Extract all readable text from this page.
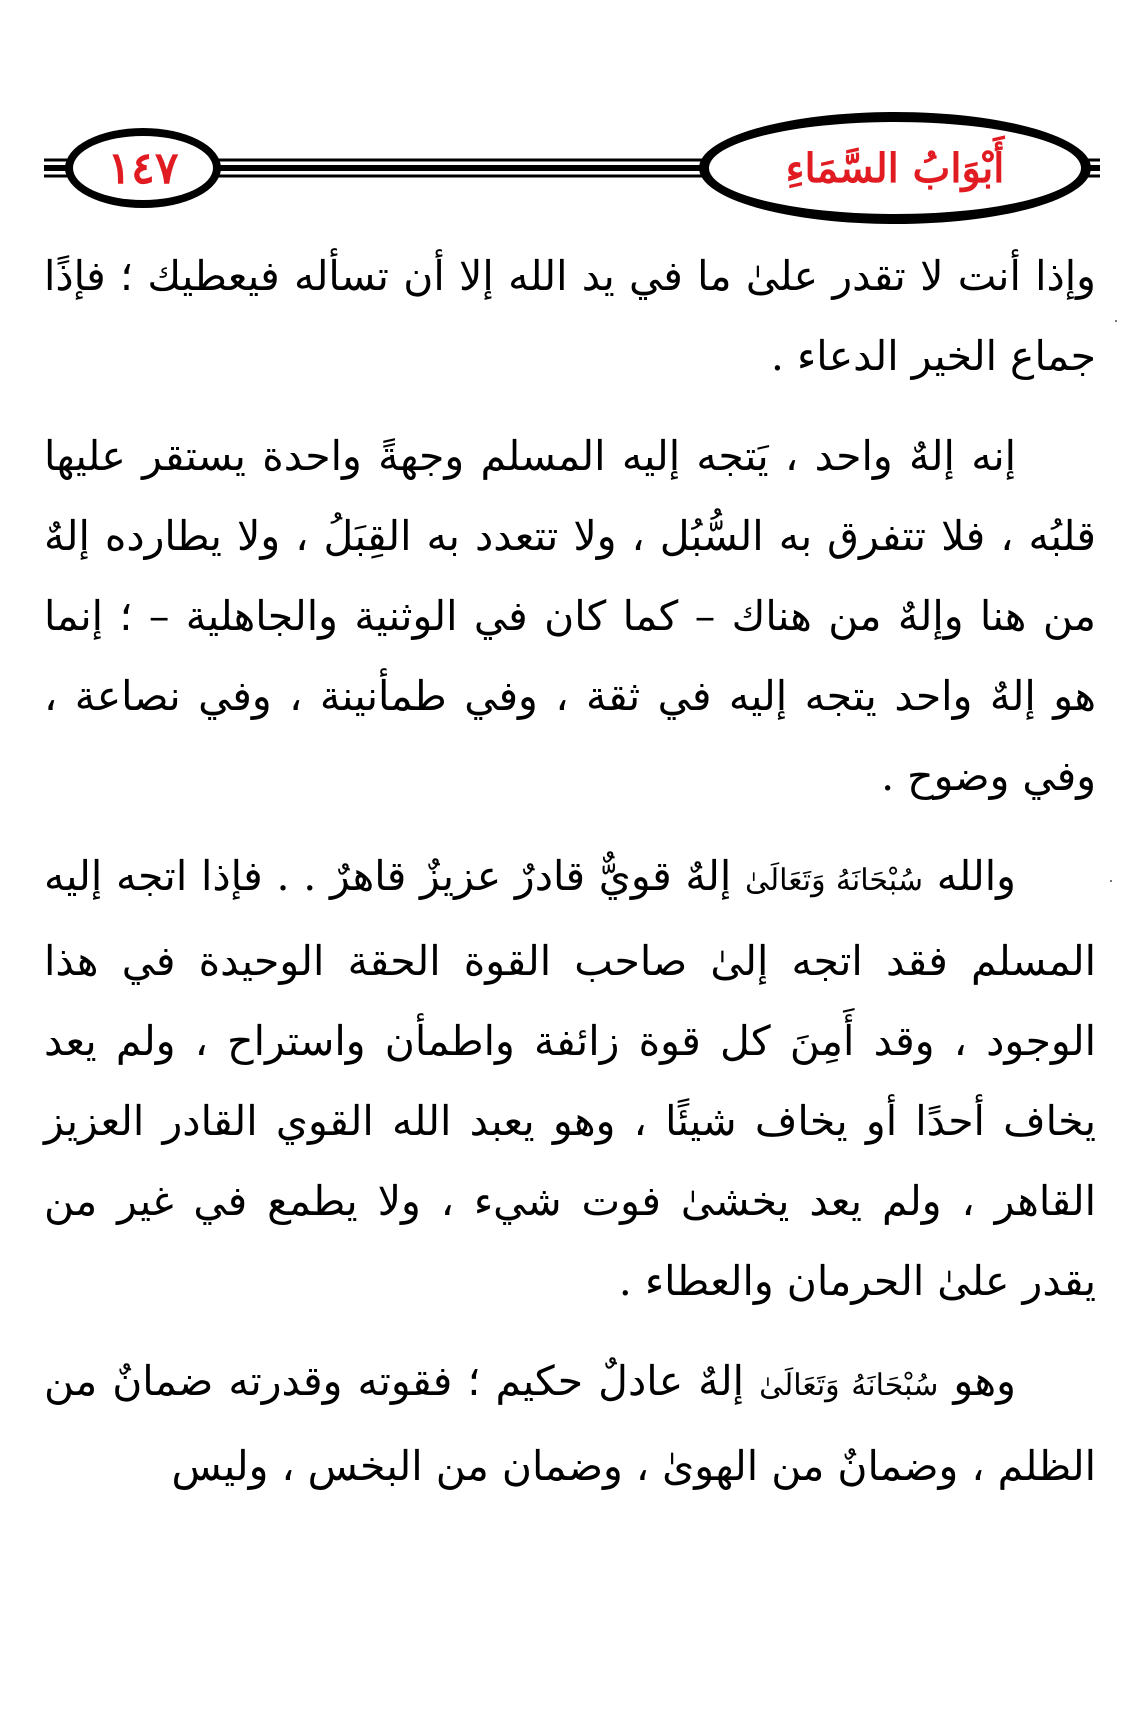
١٤٧	أَبْوَابُ السَّمَاءِ

وإذا أنت لا تقدر علىٰ ما في يد الله إلا أن تسأله فيعطيك ؛ فإذًا جماع الخير الدعاء .

إنه إلهٌ واحد ، يَتجه إليه المسلم وجهةً واحدة يستقر عليها قلبُه ، فلا تتفرق به السُّبُل ، ولا تتعدد به القِبَلُ ، ولا يطارده إلهٌ من هنا وإلهٌ من هناك – كما كان في الوثنية والجاهلية – ؛ إنما هو إلهٌ واحد يتجه إليه في ثقة ، وفي طمأنينة ، وفي نصاعة ، وفي وضوح .

والله سُبْحَانَهُ وَتَعَالَىٰ إلهٌ قويٌّ قادرٌ عزيزٌ قاهرٌ . . فإذا اتجه إليه المسلم فقد اتجه إلىٰ صاحب القوة الحقة الوحيدة في هذا الوجود ، وقد أَمِنَ كل قوة زائفة واطمأن واستراح ، ولم يعد يخاف أحدًا أو يخاف شيئًا ، وهو يعبد الله القوي القادر العزيز القاهر ، ولم يعد يخشىٰ فوت شيء ، ولا يطمع في غير من يقدر علىٰ الحرمان والعطاء .

وهو سُبْحَانَهُ وَتَعَالَىٰ إلهٌ عادلٌ حكيم ؛ فقوته وقدرته ضمانٌ من الظلم ، وضمانٌ من الهوىٰ ، وضمان من البخس ، وليس
